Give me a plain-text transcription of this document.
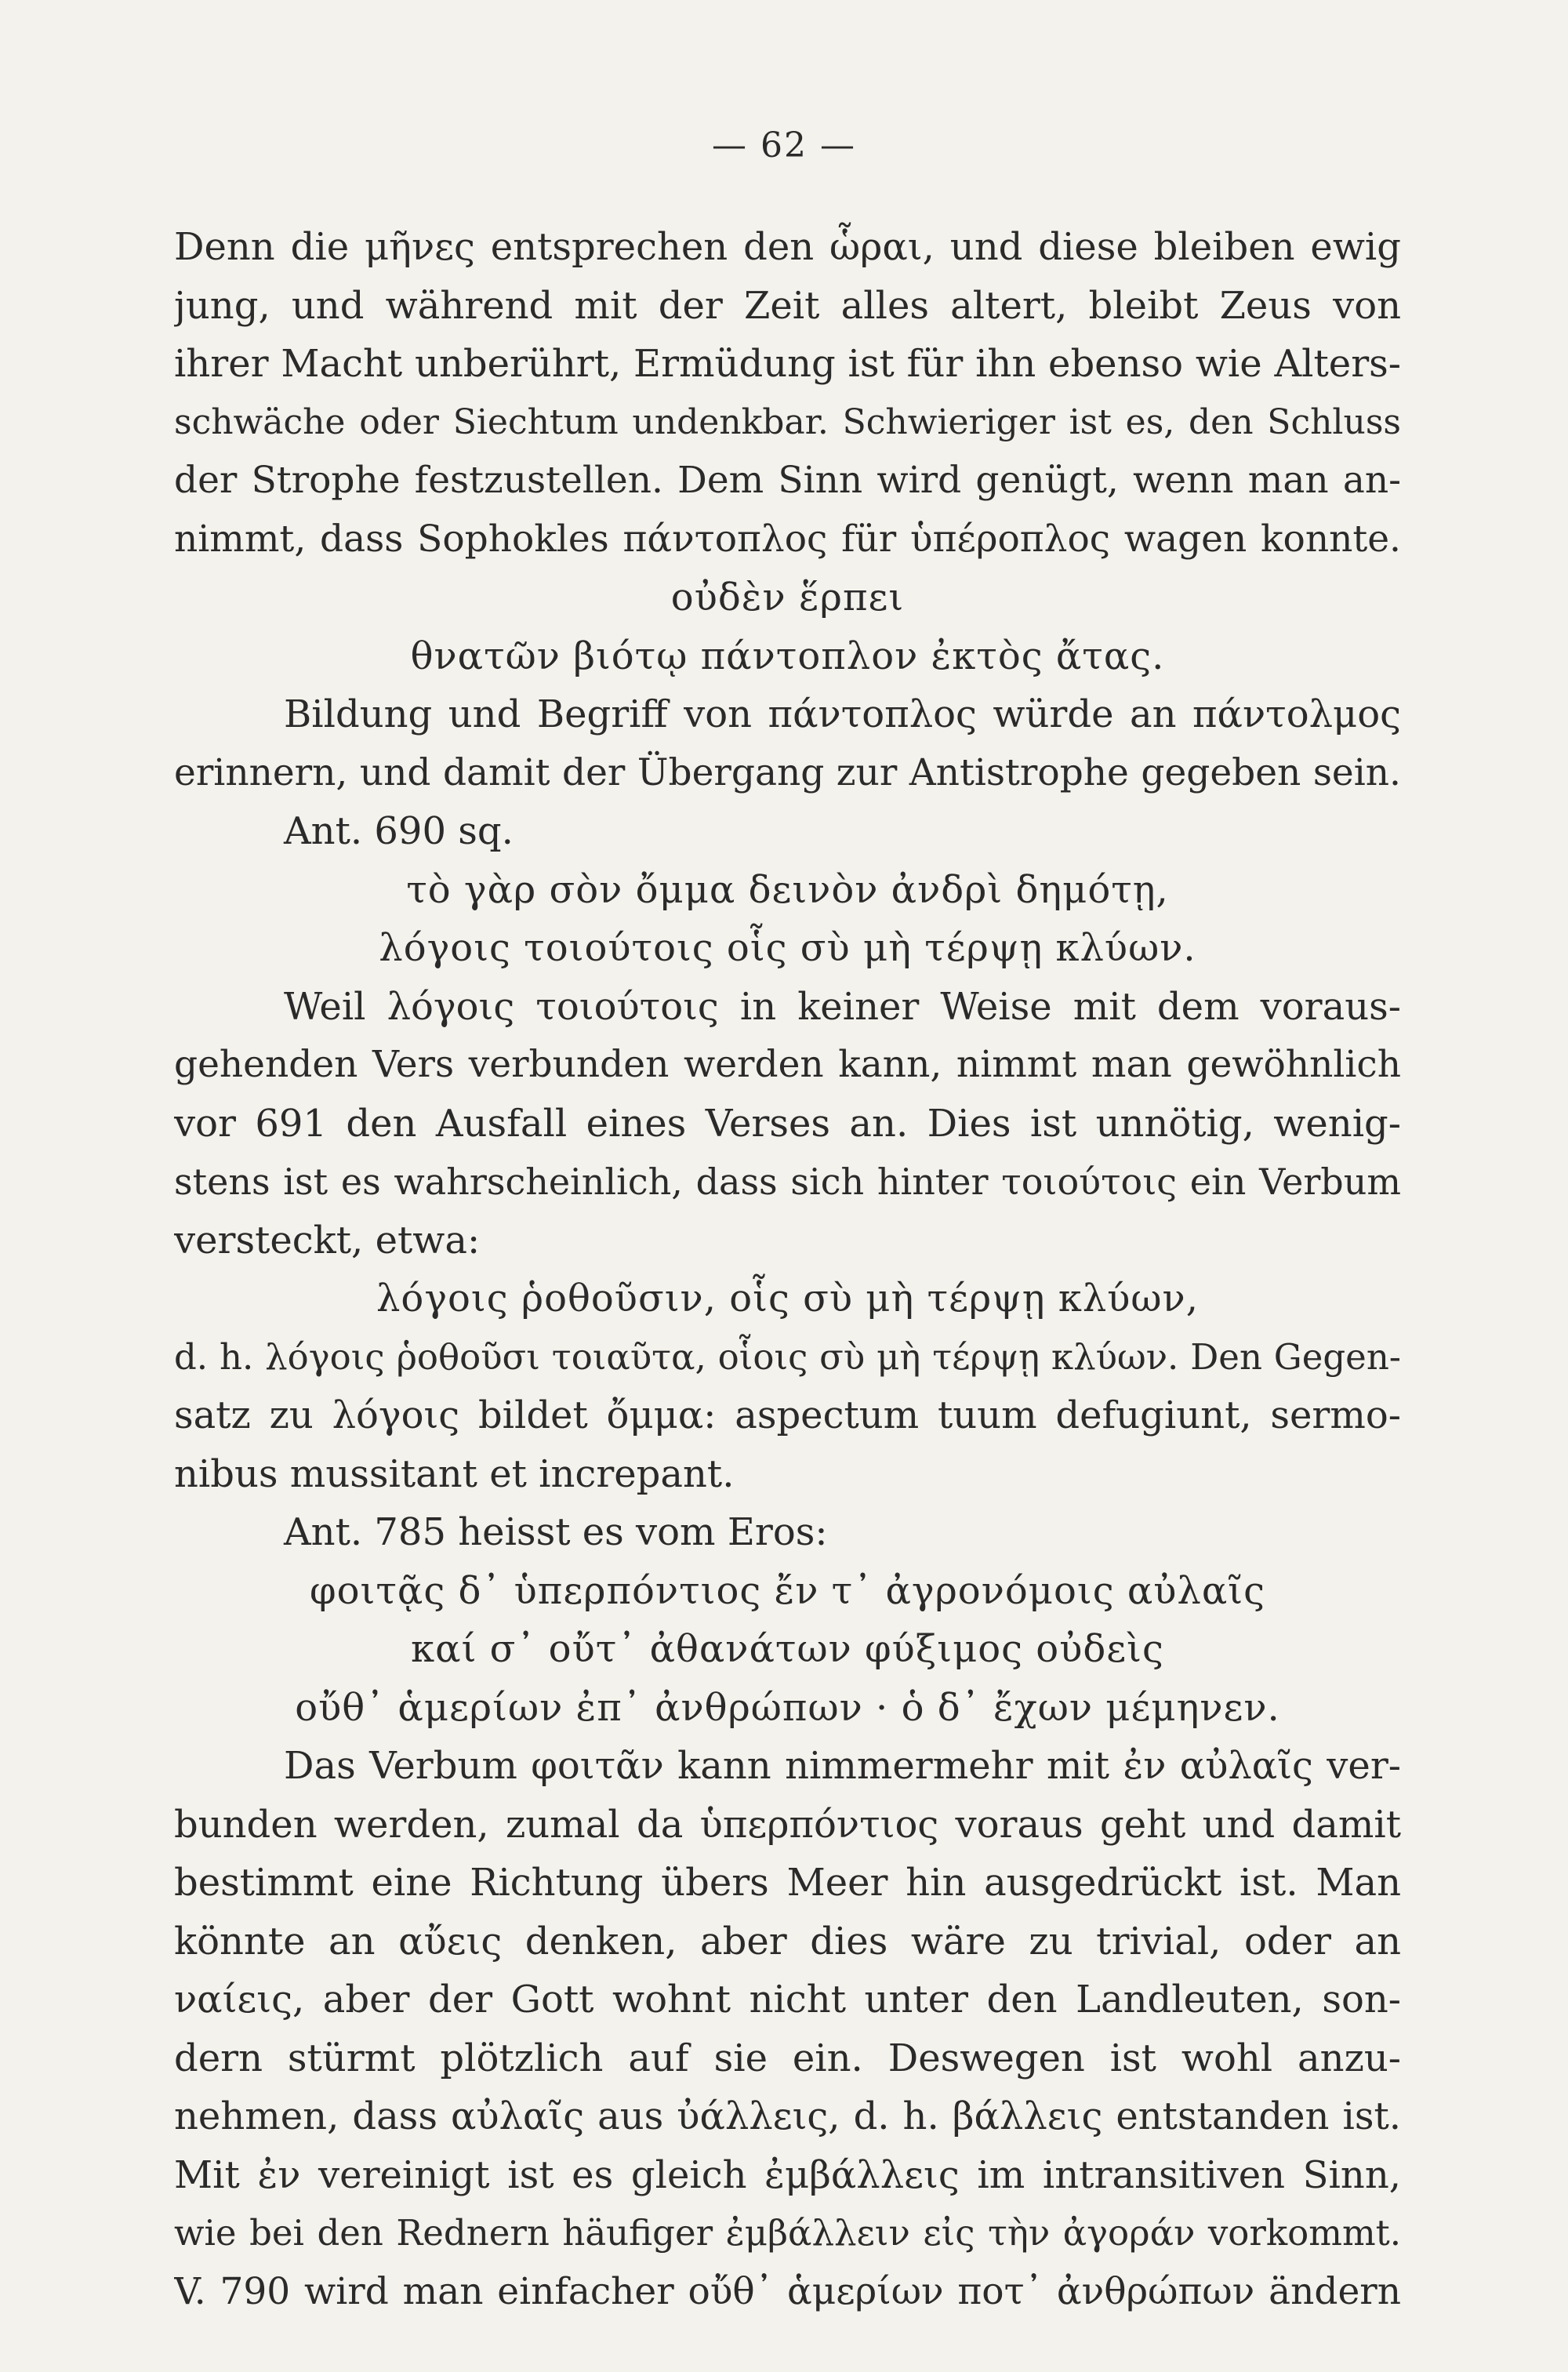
— 62 —
Denn die μῆνες entsprechen den ὧραι, und diese bleiben ewig
jung, und während mit der Zeit alles altert, bleibt Zeus von
ihrer Macht unberührt, Ermüdung ist für ihn ebenso wie Alters-
schwäche oder Siechtum undenkbar. Schwieriger ist es, den Schluss
der Strophe festzustellen. Dem Sinn wird genügt, wenn man an-
nimmt, dass Sophokles πάντοπλος für ὑπέροπλος wagen konnte.
οὐδὲν ἕρπει
θνατῶν βιότῳ πάντοπλον ἐκτὸς ἄτας.
Bildung und Begriff von πάντοπλος würde an πάντολμος
erinnern, und damit der Übergang zur Antistrophe gegeben sein.
Ant. 690 sq.
τὸ γὰρ σὸν ὄμμα δεινὸν ἀνδρὶ δημότῃ,
λόγοις τοιούτοις οἷς σὺ μὴ τέρψῃ κλύων.
Weil λόγοις τοιούτοις in keiner Weise mit dem voraus-
gehenden Vers verbunden werden kann, nimmt man gewöhnlich
vor 691 den Ausfall eines Verses an. Dies ist unnötig, wenig-
stens ist es wahrscheinlich, dass sich hinter τοιούτοις ein Verbum
versteckt, etwa:
λόγοις ῥοθοῦσιν, οἷς σὺ μὴ τέρψῃ κλύων,
d. h. λόγοις ῥοθοῦσι τοιαῦτα, οἷοις σὺ μὴ τέρψῃ κλύων. Den Gegen-
satz zu λόγοις bildet ὄμμα: aspectum tuum defugiunt, sermo-
nibus mussitant et increpant.
Ant. 785 heisst es vom Eros:
φοιτᾷς δ᾽ ὑπερπόντιος ἔν τ᾽ ἀγρονόμοις αὐλαῖς
καί σ᾽ οὔτ᾽ ἀθανάτων φύξιμος οὐδεὶς
οὔθ᾽ ἁμερίων ἐπ᾽ ἀνθρώπων · ὁ δ᾽ ἔχων μέμηνεν.
Das Verbum φοιτᾶν kann nimmermehr mit ἐν αὐλαῖς ver-
bunden werden, zumal da ὑπερπόντιος voraus geht und damit
bestimmt eine Richtung übers Meer hin ausgedrückt ist. Man
könnte an αὔεις denken, aber dies wäre zu trivial, oder an
ναίεις, aber der Gott wohnt nicht unter den Landleuten, son-
dern stürmt plötzlich auf sie ein. Deswegen ist wohl anzu-
nehmen, dass αὐλαῖς aus ὐάλλεις, d. h. βάλλεις entstanden ist.
Mit ἐν vereinigt ist es gleich ἐμβάλλεις im intransitiven Sinn,
wie bei den Rednern häufiger ἐμβάλλειν εἰς τὴν ἀγοράν vorkommt.
V. 790 wird man einfacher οὔθ᾽ ἁμερίων ποτ᾽ ἀνθρώπων ändern
